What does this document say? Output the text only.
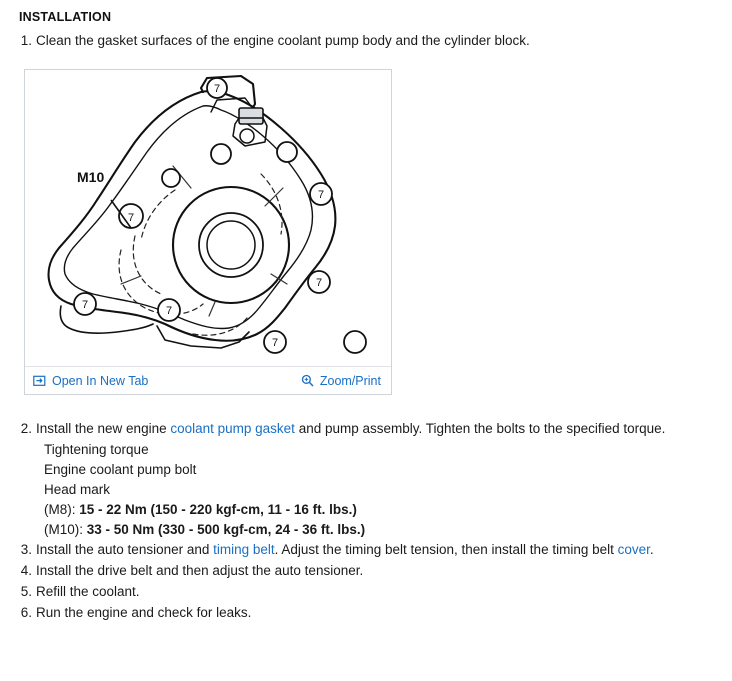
INSTALLATION
1. Clean the gasket surfaces of the engine coolant pump body and the cylinder block.
7
7
7
7
7	7
7
M10
Open In New Tab	Zoom/Print
2. Install the new engine coolant pump gasket and pump assembly. Tighten the bolts to the specified torque.
Tightening torque
Engine coolant pump bolt
Head mark
(M8): 15 - 22 Nm (150 - 220 kgf-cm, 11 - 16 ft. lbs.)
(M10): 33 - 50 Nm (330 - 500 kgf-cm, 24 - 36 ft. lbs.)
3. Install the auto tensioner and timing belt. Adjust the timing belt tension, then install the timing belt cover.
4. Install the drive belt and then adjust the auto tensioner.
5. Refill the coolant.
6. Run the engine and check for leaks.
